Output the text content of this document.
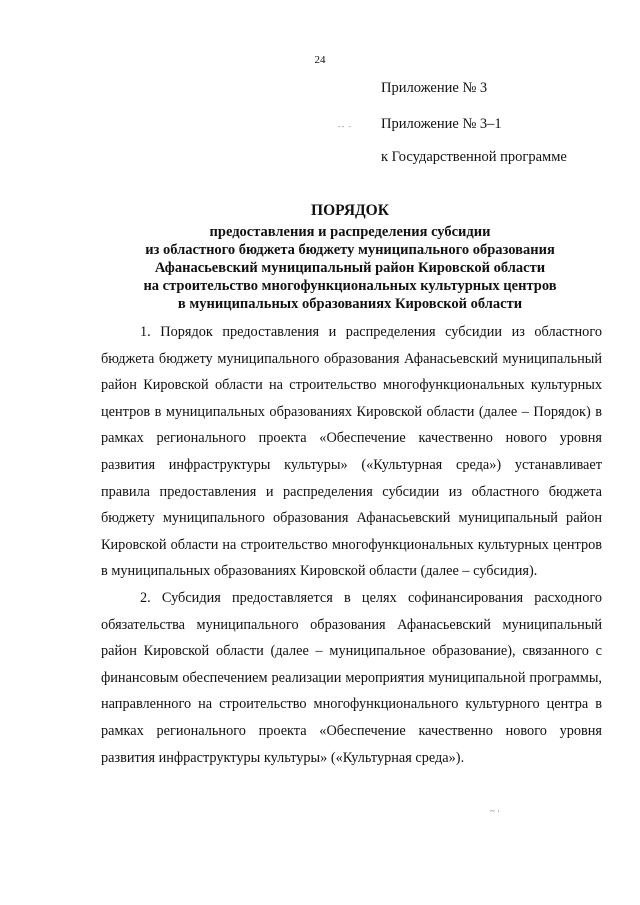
24
Приложение № 3
‐‐ ‐ Приложение № 3–1
к Государственной программе
ПОРЯДОК
предоставления и распределения субсидии
из областного бюджета бюджету муниципального образования
Афанасьевский муниципальный район Кировской области
на строительство многофункциональных культурных центров
в муниципальных образованиях Кировской области

1. Порядок предоставления и распределения субсидии из областного бюджета бюджету муниципального образования Афанасьевский муниципальный район Кировской области на строительство многофункциональных культурных центров в муниципальных образованиях Кировской области (далее – Порядок) в рамках регионального проекта «Обеспечение качественно нового уровня развития инфраструктуры культуры» («Культурная среда») устанавливает правила предоставления и распределения субсидии из областного бюджета бюджету муниципального образования Афанасьевский муниципальный район Кировской области на строительство многофункциональных культурных центров в муниципальных образованиях Кировской области (далее – субсидия).

2. Субсидия предоставляется в целях софинансирования расходного обязательства муниципального образования Афанасьевский муниципальный район Кировской области (далее – муниципальное образование), связанного с финансовым обеспечением реализации мероприятия муниципальной программы, направленного на строительство многофункционального культурного центра в рамках регионального проекта «Обеспечение качественно нового уровня развития инфраструктуры культуры» («Культурная среда»).

~ ·
